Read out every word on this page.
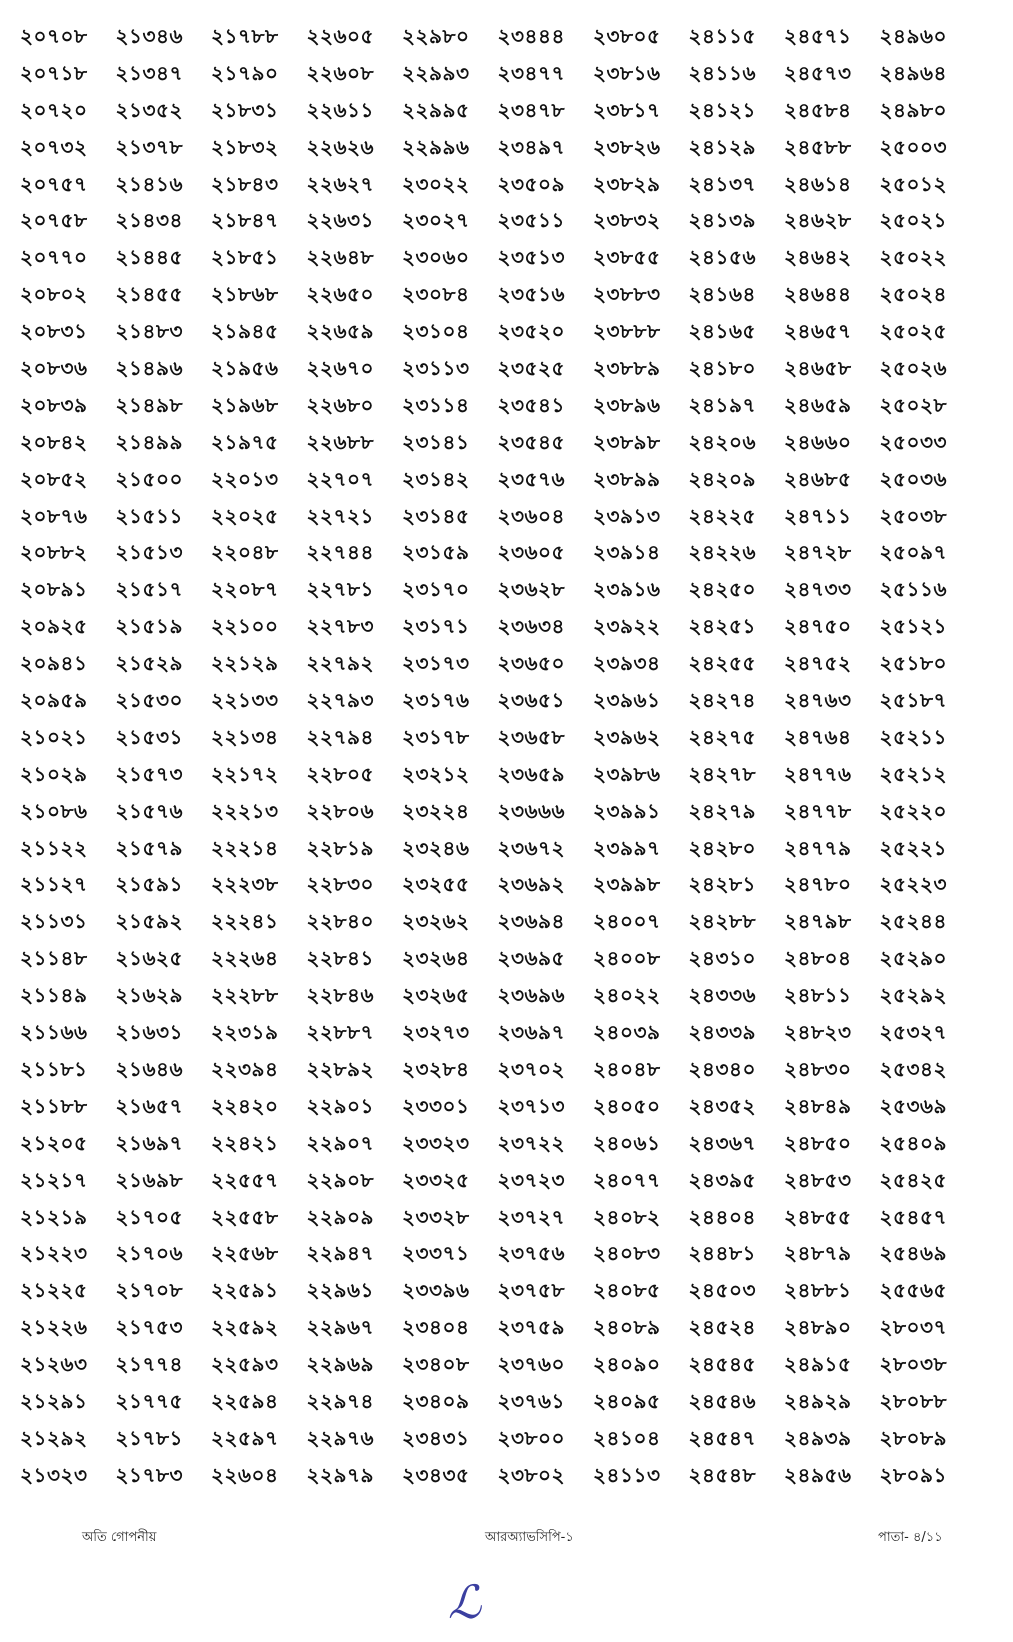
২০৭০৮	২১৩৪৬	২১৭৮৮	২২৬০৫	২২৯৮০	২৩৪৪৪	২৩৮০৫	২৪১১৫	২৪৫৭১	২৪৯৬০
২০৭১৮	২১৩৪৭	২১৭৯০	২২৬০৮	২২৯৯৩	২৩৪৭৭	২৩৮১৬	২৪১১৬	২৪৫৭৩	২৪৯৬৪
২০৭২০	২১৩৫২	২১৮৩১	২২৬১১	২২৯৯৫	২৩৪৭৮	২৩৮১৭	২৪১২১	২৪৫৮৪	২৪৯৮০
২০৭৩২	২১৩৭৮	২১৮৩২	২২৬২৬	২২৯৯৬	২৩৪৯৭	২৩৮২৬	২৪১২৯	২৪৫৮৮	২৫০০৩
২০৭৫৭	২১৪১৬	২১৮৪৩	২২৬২৭	২৩০২২	২৩৫০৯	২৩৮২৯	২৪১৩৭	২৪৬১৪	২৫০১২
২০৭৫৮	২১৪৩৪	২১৮৪৭	২২৬৩১	২৩০২৭	২৩৫১১	২৩৮৩২	২৪১৩৯	২৪৬২৮	২৫০২১
২০৭৭০	২১৪৪৫	২১৮৫১	২২৬৪৮	২৩০৬০	২৩৫১৩	২৩৮৫৫	২৪১৫৬	২৪৬৪২	২৫০২২
২০৮০২	২১৪৫৫	২১৮৬৮	২২৬৫০	২৩০৮৪	২৩৫১৬	২৩৮৮৩	২৪১৬৪	২৪৬৪৪	২৫০২৪
২০৮৩১	২১৪৮৩	২১৯৪৫	২২৬৫৯	২৩১০৪	২৩৫২০	২৩৮৮৮	২৪১৬৫	২৪৬৫৭	২৫০২৫
২০৮৩৬	২১৪৯৬	২১৯৫৬	২২৬৭০	২৩১১৩	২৩৫২৫	২৩৮৮৯	২৪১৮০	২৪৬৫৮	২৫০২৬
২০৮৩৯	২১৪৯৮	২১৯৬৮	২২৬৮০	২৩১১৪	২৩৫৪১	২৩৮৯৬	২৪১৯৭	২৪৬৫৯	২৫০২৮
২০৮৪২	২১৪৯৯	২১৯৭৫	২২৬৮৮	২৩১৪১	২৩৫৪৫	২৩৮৯৮	২৪২০৬	২৪৬৬০	২৫০৩৩
২০৮৫২	২১৫০০	২২০১৩	২২৭০৭	২৩১৪২	২৩৫৭৬	২৩৮৯৯	২৪২০৯	২৪৬৮৫	২৫০৩৬
২০৮৭৬	২১৫১১	২২০২৫	২২৭২১	২৩১৪৫	২৩৬০৪	২৩৯১৩	২৪২২৫	২৪৭১১	২৫০৩৮
২০৮৮২	২১৫১৩	২২০৪৮	২২৭৪৪	২৩১৫৯	২৩৬০৫	২৩৯১৪	২৪২২৬	২৪৭২৮	২৫০৯৭
২০৮৯১	২১৫১৭	২২০৮৭	২২৭৮১	২৩১৭০	২৩৬২৮	২৩৯১৬	২৪২৫০	২৪৭৩৩	২৫১১৬
২০৯২৫	২১৫১৯	২২১০০	২২৭৮৩	২৩১৭১	২৩৬৩৪	২৩৯২২	২৪২৫১	২৪৭৫০	২৫১২১
২০৯৪১	২১৫২৯	২২১২৯	২২৭৯২	২৩১৭৩	২৩৬৫০	২৩৯৩৪	২৪২৫৫	২৪৭৫২	২৫১৮০
২০৯৫৯	২১৫৩০	২২১৩৩	২২৭৯৩	২৩১৭৬	২৩৬৫১	২৩৯৬১	২৪২৭৪	২৪৭৬৩	২৫১৮৭
২১০২১	২১৫৩১	২২১৩৪	২২৭৯৪	২৩১৭৮	২৩৬৫৮	২৩৯৬২	২৪২৭৫	২৪৭৬৪	২৫২১১
২১০২৯	২১৫৭৩	২২১৭২	২২৮০৫	২৩২১২	২৩৬৫৯	২৩৯৮৬	২৪২৭৮	২৪৭৭৬	২৫২১২
২১০৮৬	২১৫৭৬	২২২১৩	২২৮০৬	২৩২২৪	২৩৬৬৬	২৩৯৯১	২৪২৭৯	২৪৭৭৮	২৫২২০
২১১২২	২১৫৭৯	২২২১৪	২২৮১৯	২৩২৪৬	২৩৬৭২	২৩৯৯৭	২৪২৮০	২৪৭৭৯	২৫২২১
২১১২৭	২১৫৯১	২২২৩৮	২২৮৩০	২৩২৫৫	২৩৬৯২	২৩৯৯৮	২৪২৮১	২৪৭৮০	২৫২২৩
২১১৩১	২১৫৯২	২২২৪১	২২৮৪০	২৩২৬২	২৩৬৯৪	২৪০০৭	২৪২৮৮	২৪৭৯৮	২৫২৪৪
২১১৪৮	২১৬২৫	২২২৬৪	২২৮৪১	২৩২৬৪	২৩৬৯৫	২৪০০৮	২৪৩১০	২৪৮০৪	২৫২৯০
২১১৪৯	২১৬২৯	২২২৮৮	২২৮৪৬	২৩২৬৫	২৩৬৯৬	২৪০২২	২৪৩৩৬	২৪৮১১	২৫২৯২
২১১৬৬	২১৬৩১	২২৩১৯	২২৮৮৭	২৩২৭৩	২৩৬৯৭	২৪০৩৯	২৪৩৩৯	২৪৮২৩	২৫৩২৭
২১১৮১	২১৬৪৬	২২৩৯৪	২২৮৯২	২৩২৮৪	২৩৭০২	২৪০৪৮	২৪৩৪০	২৪৮৩০	২৫৩৪২
২১১৮৮	২১৬৫৭	২২৪২০	২২৯০১	২৩৩০১	২৩৭১৩	২৪০৫০	২৪৩৫২	২৪৮৪৯	২৫৩৬৯
২১২০৫	২১৬৯৭	২২৪২১	২২৯০৭	২৩৩২৩	২৩৭২২	২৪০৬১	২৪৩৬৭	২৪৮৫০	২৫৪০৯
২১২১৭	২১৬৯৮	২২৫৫৭	২২৯০৮	২৩৩২৫	২৩৭২৩	২৪০৭৭	২৪৩৯৫	২৪৮৫৩	২৫৪২৫
২১২১৯	২১৭০৫	২২৫৫৮	২২৯০৯	২৩৩২৮	২৩৭২৭	২৪০৮২	২৪৪০৪	২৪৮৫৫	২৫৪৫৭
২১২২৩	২১৭০৬	২২৫৬৮	২২৯৪৭	২৩৩৭১	২৩৭৫৬	২৪০৮৩	২৪৪৮১	২৪৮৭৯	২৫৪৬৯
২১২২৫	২১৭০৮	২২৫৯১	২২৯৬১	২৩৩৯৬	২৩৭৫৮	২৪০৮৫	২৪৫০৩	২৪৮৮১	২৫৫৬৫
২১২২৬	২১৭৫৩	২২৫৯২	২২৯৬৭	২৩৪০৪	২৩৭৫৯	২৪০৮৯	২৪৫২৪	২৪৮৯০	২৮০৩৭
২১২৬৩	২১৭৭৪	২২৫৯৩	২২৯৬৯	২৩৪০৮	২৩৭৬০	২৪০৯০	২৪৫৪৫	২৪৯১৫	২৮০৩৮
২১২৯১	২১৭৭৫	২২৫৯৪	২২৯৭৪	২৩৪০৯	২৩৭৬১	২৪০৯৫	২৪৫৪৬	২৪৯২৯	২৮০৮৮
২১২৯২	২১৭৮১	২২৫৯৭	২২৯৭৬	২৩৪৩১	২৩৮০০	২৪১০৪	২৪৫৪৭	২৪৯৩৯	২৮০৮৯
২১৩২৩	২১৭৮৩	২২৬০৪	২২৯৭৯	২৩৪৩৫	২৩৮০২	২৪১১৩	২৪৫৪৮	২৪৯৫৬	২৮০৯১
অতি গোপনীয়	আরঅ্যাভসিপি-১	পাতা- ৪/১১
ℒ
